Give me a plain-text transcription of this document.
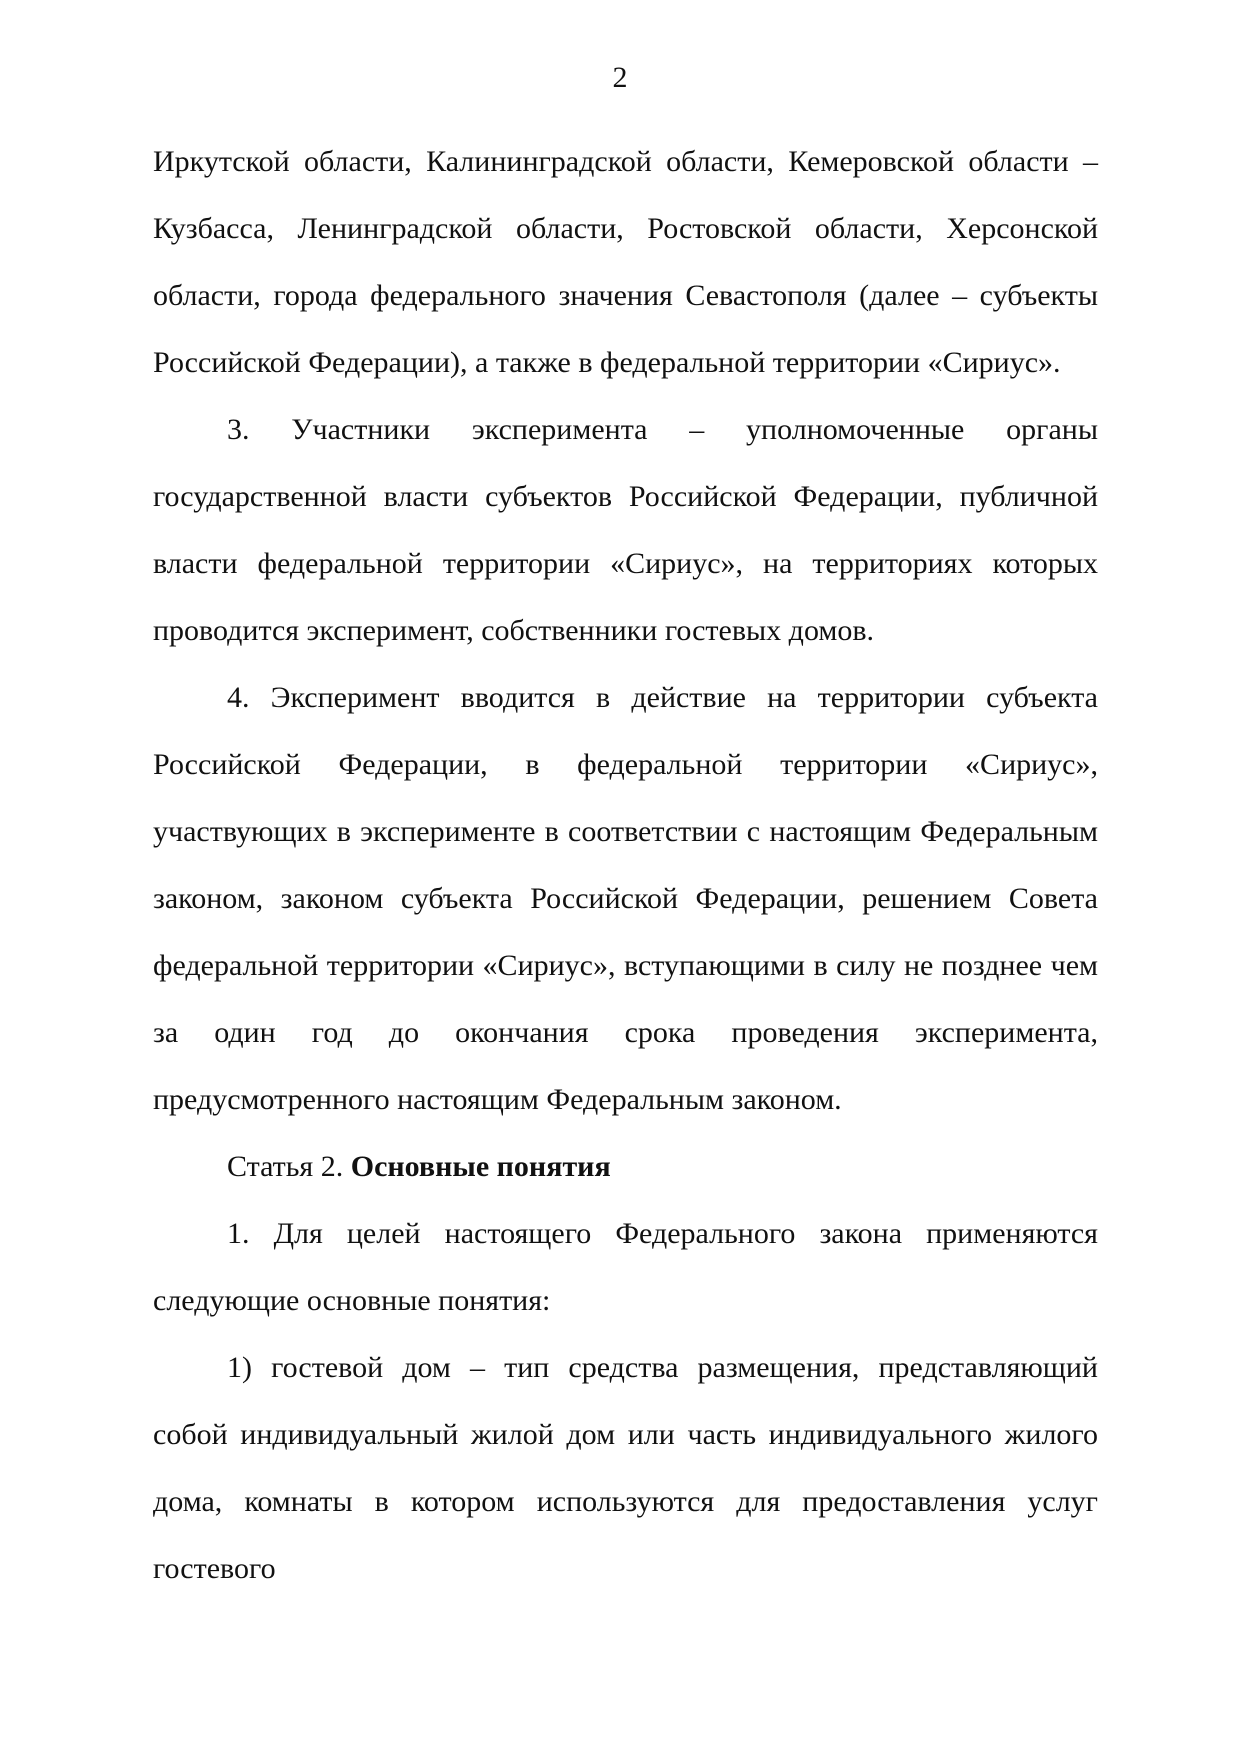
2

Иркутской области, Калининградской области, Кемеровской области – Кузбасса, Ленинградской области, Ростовской области, Херсонской области, города федерального значения Севастополя (далее – субъекты Российской Федерации), а также в федеральной территории «Сириус».

3. Участники эксперимента – уполномоченные органы государственной власти субъектов Российской Федерации, публичной власти федеральной территории «Сириус», на территориях которых проводится эксперимент, собственники гостевых домов.

4. Эксперимент вводится в действие на территории субъекта Российской Федерации, в федеральной территории «Сириус», участвующих в эксперименте в соответствии с настоящим Федеральным законом, законом субъекта Российской Федерации, решением Совета федеральной территории «Сириус», вступающими в силу не позднее чем за один год до окончания срока проведения эксперимента, предусмотренного настоящим Федеральным законом.

Статья 2. Основные понятия

1. Для целей настоящего Федерального закона применяются следующие основные понятия:

1) гостевой дом – тип средства размещения, представляющий собой индивидуальный жилой дом или часть индивидуального жилого дома, комнаты в котором используются для предоставления услуг гостевого
